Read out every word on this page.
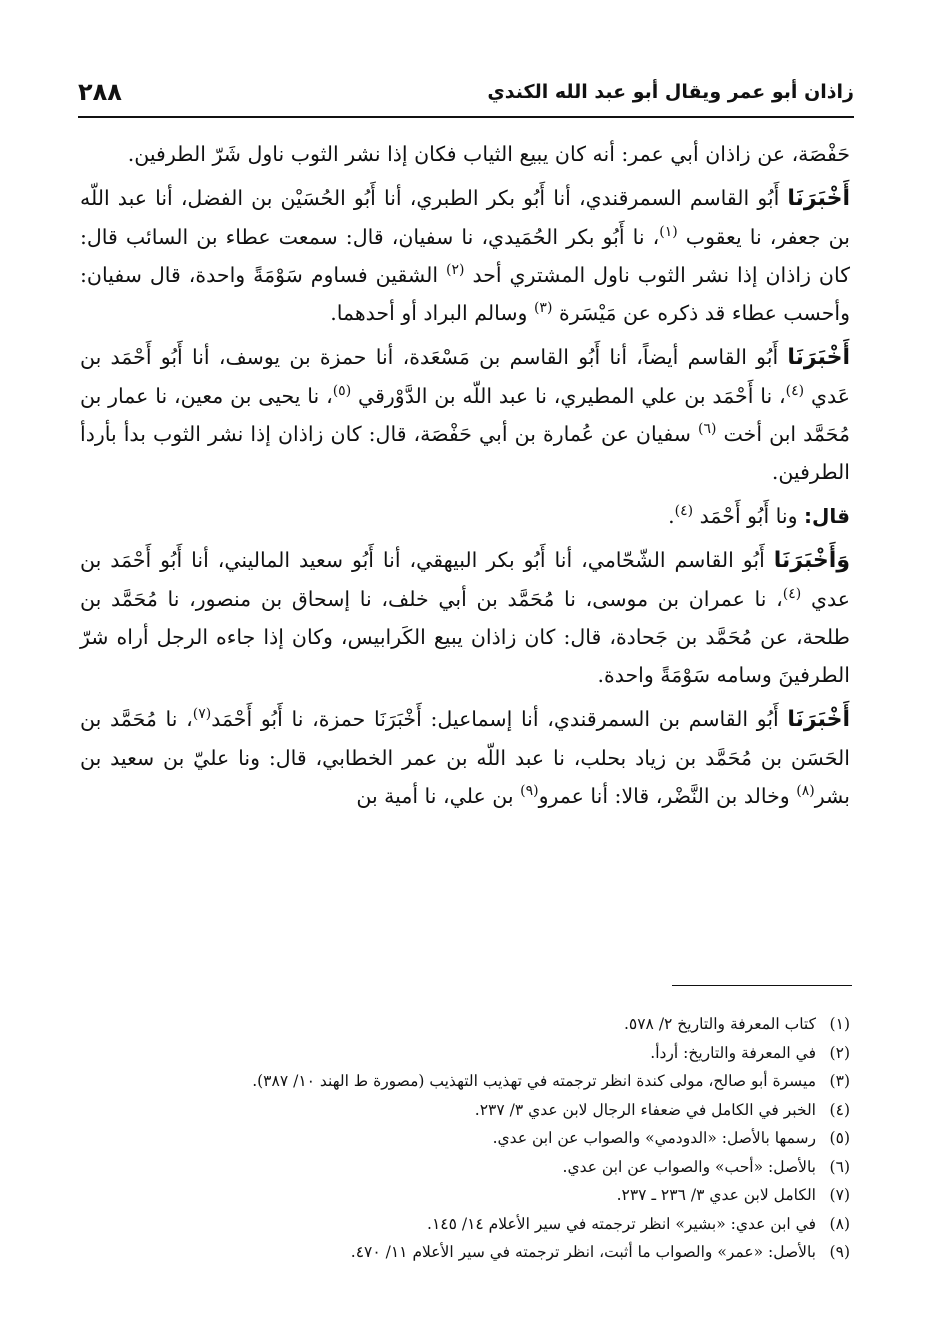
زاذان أبو عمر ويقال أبو عبد الله الكندي
٢٨٨

حَفْصَة، عن زاذان أبي عمر: أنه كان يبيع الثياب فكان إذا نشر الثوب ناول شَرّ الطرفين.

أَخْبَرَنَا أَبُو القاسم السمرقندي، أنا أَبُو بكر الطبري، أنا أَبُو الحُسَيْن بن الفضل، أنا عبد اللّه بن جعفر، نا يعقوب $^{(١)}$، نا أَبُو بكر الحُمَيدي، نا سفيان، قال: سمعت عطاء بن السائب قال: كان زاذان إذا نشر الثوب ناول المشتري أحد $^{(٢)}$ الشقين فساوم سَوْمَةً واحدة، قال سفيان: وأحسب عطاء قد ذكره عن مَيْسَرة $^{(٣)}$ وسالم البراد أو أحدهما.

أَخْبَرَنَا أَبُو القاسم أيضاً، أنا أَبُو القاسم بن مَسْعَدة، أنا حمزة بن يوسف، أنا أَبُو أَحْمَد بن عَدي $^{(٤)}$، نا أَحْمَد بن علي المطيري، نا عبد اللّه بن الدَّوْرقي $^{(٥)}$، نا يحيى بن معين، نا عمار بن مُحَمَّد ابن أخت $^{(٦)}$ سفيان عن عُمارة بن أبي حَفْصَة، قال: كان زاذان إذا نشر الثوب بدأ بأردأ الطرفين.

قال: ونا أَبُو أَحْمَد $^{(٤)}$.

وَأَخْبَرَنَا أَبُو القاسم الشّحّامي، أنا أَبُو بكر البيهقي، أنا أَبُو سعيد الماليني، أنا أَبُو أَحْمَد بن عدي $^{(٤)}$، نا عمران بن موسى، نا مُحَمَّد بن أبي خلف، نا إسحاق بن منصور، نا مُحَمَّد بن طلحة، عن مُحَمَّد بن جَحادة، قال: كان زاذان يبيع الكَرابيس، وكان إذا جاءه الرجل أراه شرّ الطرفينَ وسامه سَوْمَةً واحدة.

أَخْبَرَنَا أَبُو القاسم بن السمرقندي، أنا إسماعيل: أَخْبَرَنَا حمزة، نا أَبُو أَحْمَد$^{(٧)}$، نا مُحَمَّد بن الحَسَن بن مُحَمَّد بن زياد بحلب، نا عبد اللّه بن عمر الخطابي، قال: ونا عليّ بن سعيد بن بشر$^{(٨)}$ وخالد بن النَّضْر، قالا: أنا عمرو$^{(٩)}$ بن علي، نا أمية بن

(١)
كتاب المعرفة والتاريخ ٢/ ٥٧٨.
(٢)
في المعرفة والتاريخ: أردأ.
(٣)
ميسرة أبو صالح، مولى كندة انظر ترجمته في تهذيب التهذيب (مصورة ط الهند ١٠/ ٣٨٧).
(٤)
الخبر في الكامل في ضعفاء الرجال لابن عدي ٣/ ٢٣٧.
(٥)
رسمها بالأصل: «الدودمي» والصواب عن ابن عدي.
(٦)
بالأصل: «أحب» والصواب عن ابن عدي.
(٧)
الكامل لابن عدي ٣/ ٢٣٦ ـ ٢٣٧.
(٨)
في ابن عدي: «بشير» انظر ترجمته في سير الأعلام ١٤/ ١٤٥.
(٩)
بالأصل: «عمر» والصواب ما أثبت، انظر ترجمته في سير الأعلام ١١/ ٤٧٠.
